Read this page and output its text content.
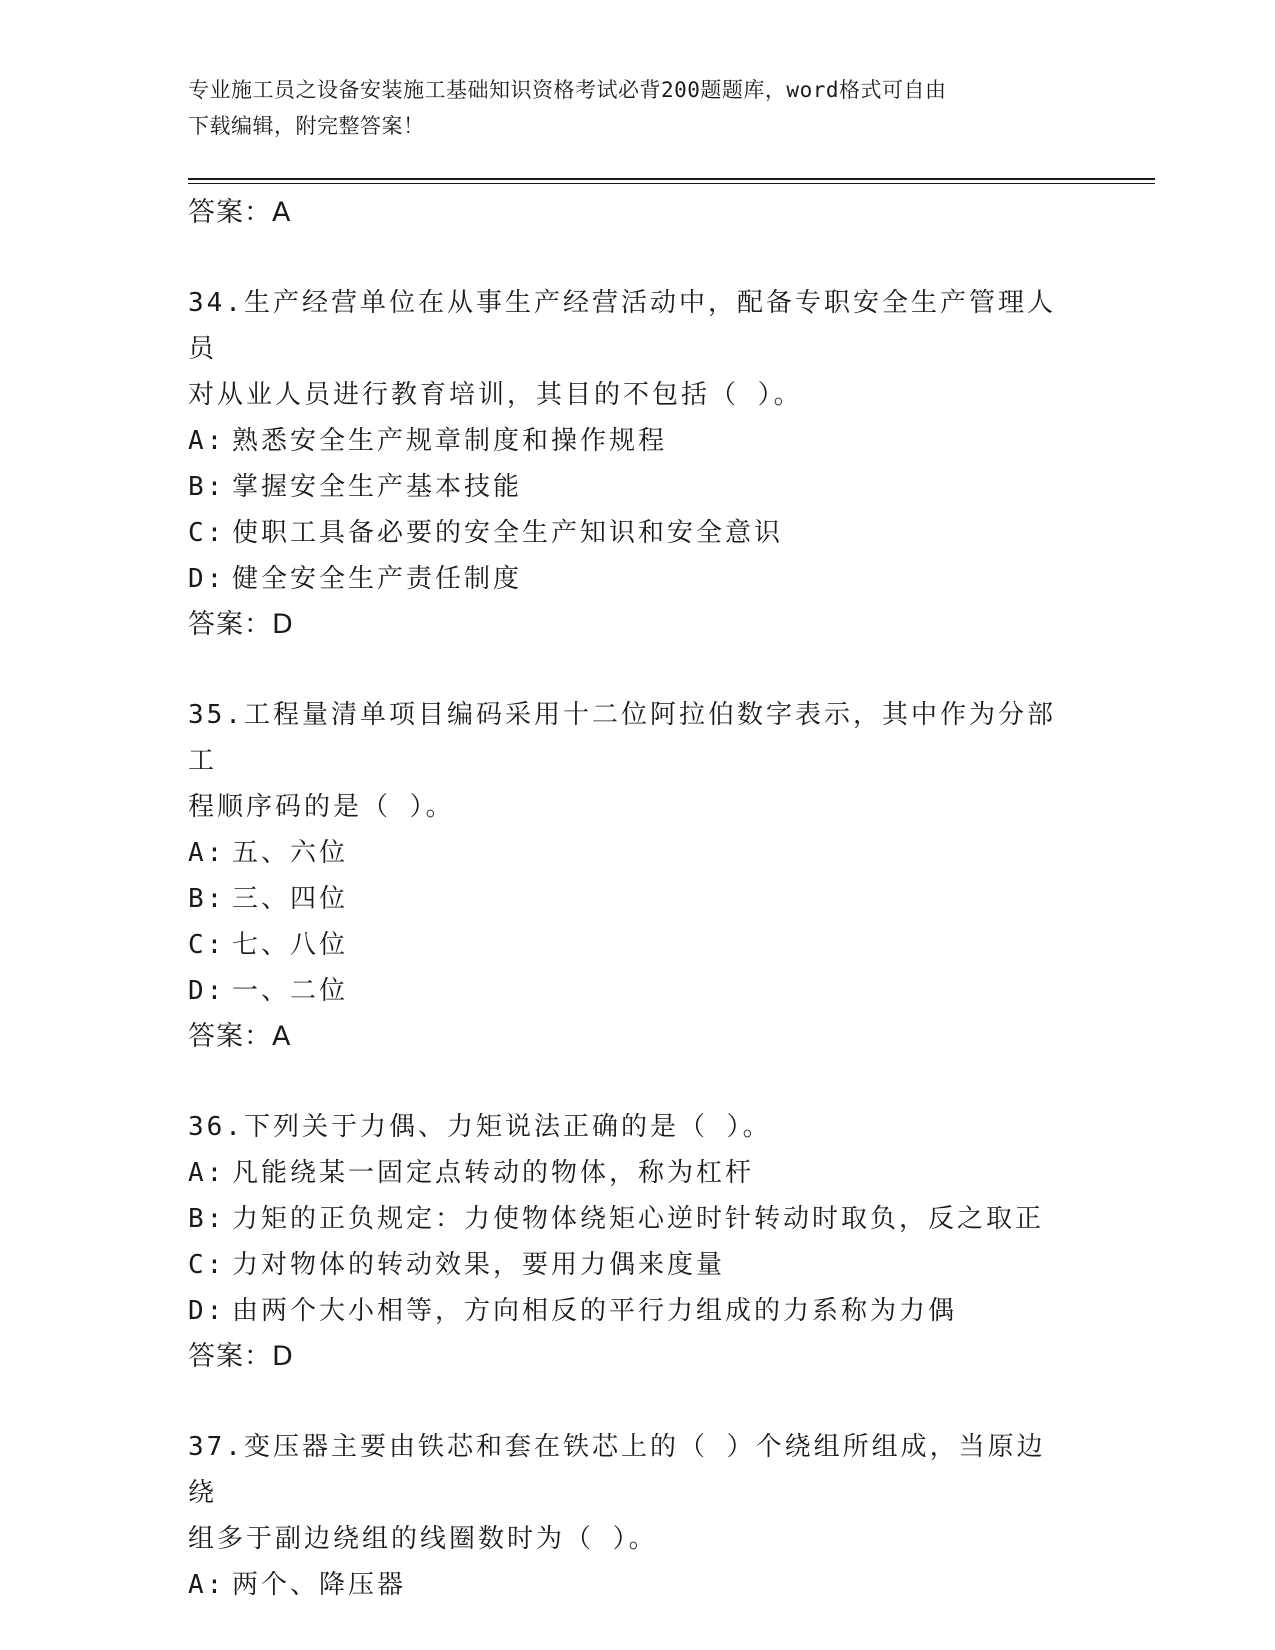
专业施工员之设备安装施工基础知识资格考试必背200题题库，word格式可自由
下载编辑，附完整答案！
答案：A
34.生产经营单位在从事生产经营活动中，配备专职安全生产管理人员
对从业人员进行教育培训，其目的不包括（ ）。
A: 熟悉安全生产规章制度和操作规程
B: 掌握安全生产基本技能
C: 使职工具备必要的安全生产知识和安全意识
D: 健全安全生产责任制度
答案：D
35.工程量清单项目编码采用十二位阿拉伯数字表示，其中作为分部工
程顺序码的是（ ）。
A: 五、六位
B: 三、四位
C: 七、八位
D: 一、二位
答案：A
36.下列关于力偶、力矩说法正确的是（ ）。
A: 凡能绕某一固定点转动的物体，称为杠杆
B: 力矩的正负规定：力使物体绕矩心逆时针转动时取负，反之取正
C: 力对物体的转动效果，要用力偶来度量
D: 由两个大小相等，方向相反的平行力组成的力系称为力偶
答案：D
37.变压器主要由铁芯和套在铁芯上的（ ）个绕组所组成，当原边绕
组多于副边绕组的线圈数时为（ ）。
A: 两个、降压器
